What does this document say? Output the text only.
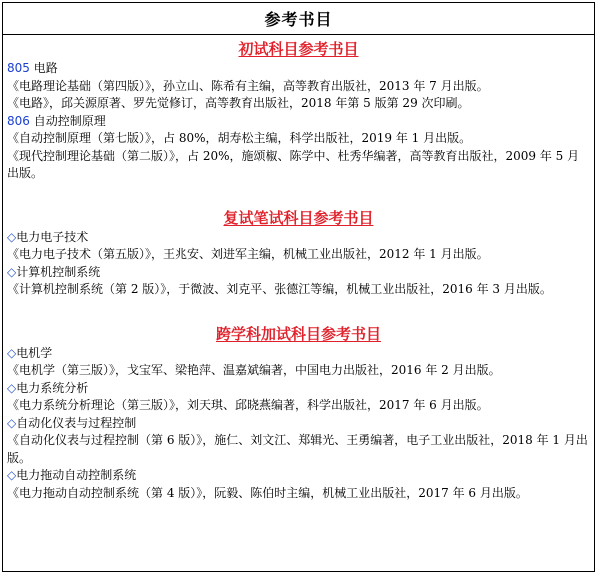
参考书目
初试科目参考书目
805 电路
《电路理论基础（第四版）》，孙立山、陈希有主编，高等教育出版社，2013 年 7 月出版。
《电路》，邱关源原著、罗先觉修订，高等教育出版社，2018 年第 5 版第 29 次印刷。
806 自动控制原理
《自动控制原理（第七版）》，占 80%，胡寿松主编，科学出版社，2019 年 1 月出版。
《现代控制理论基础（第二版）》，占 20%，施颂椒、陈学中、杜秀华编著，高等教育出版社，2009 年 5 月出版。
复试笔试科目参考书目
◇电力电子技术
《电力电子技术（第五版）》，王兆安、刘进军主编，机械工业出版社，2012 年 1 月出版。
◇计算机控制系统
《计算机控制系统（第 2 版）》，于微波、刘克平、张德江等编，机械工业出版社，2016 年 3 月出版。
跨学科加试科目参考书目
◇电机学
《电机学（第三版）》，戈宝军、梁艳萍、温嘉斌编著，中国电力出版社，2016 年 2 月出版。
◇电力系统分析
《电力系统分析理论（第三版）》，刘天琪、邱晓燕编著，科学出版社，2017 年 6 月出版。
◇自动化仪表与过程控制
《自动化仪表与过程控制（第 6 版）》，施仁、刘文江、郑辑光、王勇编著，电子工业出版社，2018 年 1 月出版。
◇电力拖动自动控制系统
《电力拖动自动控制系统（第 4 版）》，阮毅、陈伯时主编，机械工业出版社，2017 年 6 月出版。
